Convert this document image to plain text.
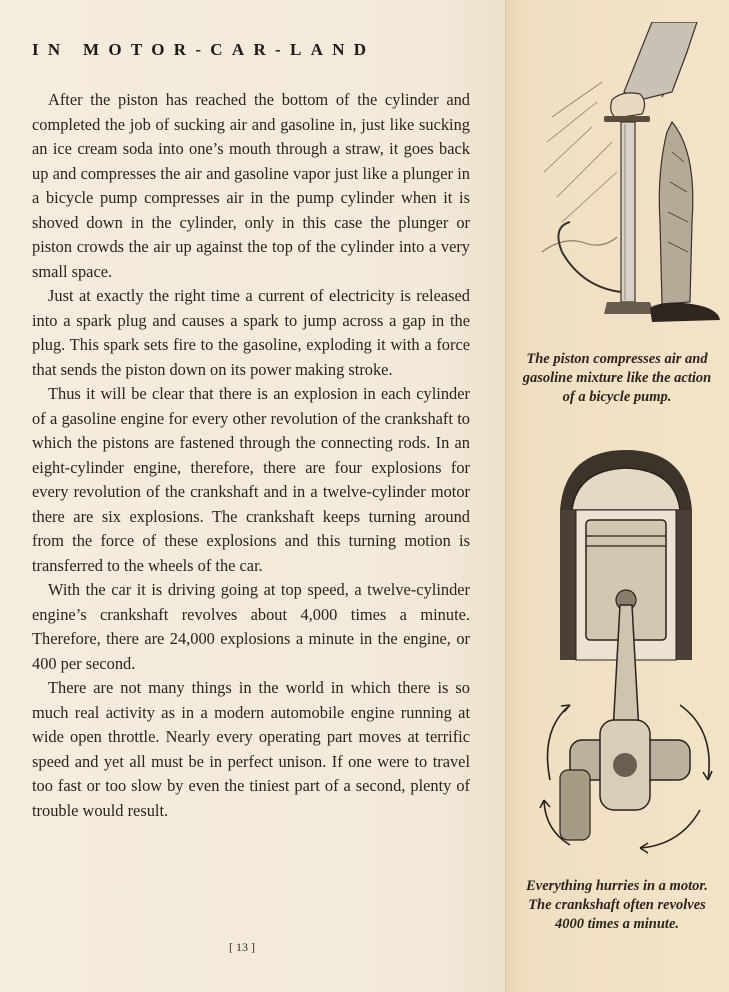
IN MOTOR-CAR-LAND

After the piston has reached the bottom of the cylinder and completed the job of sucking air and gasoline in, just like sucking an ice cream soda into one’s mouth through a straw, it goes back up and compresses the air and gasoline vapor just like a plunger in a bicycle pump compresses air in the pump cylinder when it is shoved down in the cylinder, only in this case the plunger or piston crowds the air up against the top of the cylinder into a very small space.

Just at exactly the right time a current of electricity is released into a spark plug and causes a spark to jump across a gap in the plug. This spark sets fire to the gasoline, exploding it with a force that sends the piston down on its power making stroke.

Thus it will be clear that there is an explosion in each cylinder of a gasoline engine for every other revolution of the crankshaft to which the pistons are fastened through the connecting rods. In an eight-cylinder engine, therefore, there are four explosions for every revolution of the crankshaft and in a twelve-cylinder motor there are six explosions. The crankshaft keeps turning around from the force of these explosions and this turning motion is transferred to the wheels of the car.

With the car it is driving going at top speed, a twelve-cylinder engine’s crankshaft revolves about 4,000 times a minute. Therefore, there are 24,000 explosions a minute in the engine, or 400 per second.

There are not many things in the world in which there is so much real activity as in a modern automobile engine running at wide open throttle. Nearly every operating part moves at terrific speed and yet all must be in perfect unison. If one were to travel too fast or too slow by even the tiniest part of a second, plenty of trouble would result.

[ 13 ]
The piston compresses air and gasoline mixture like the action of a bicycle pump.
Everything hurries in a motor. The crankshaft often revolves 4000 times a minute.
